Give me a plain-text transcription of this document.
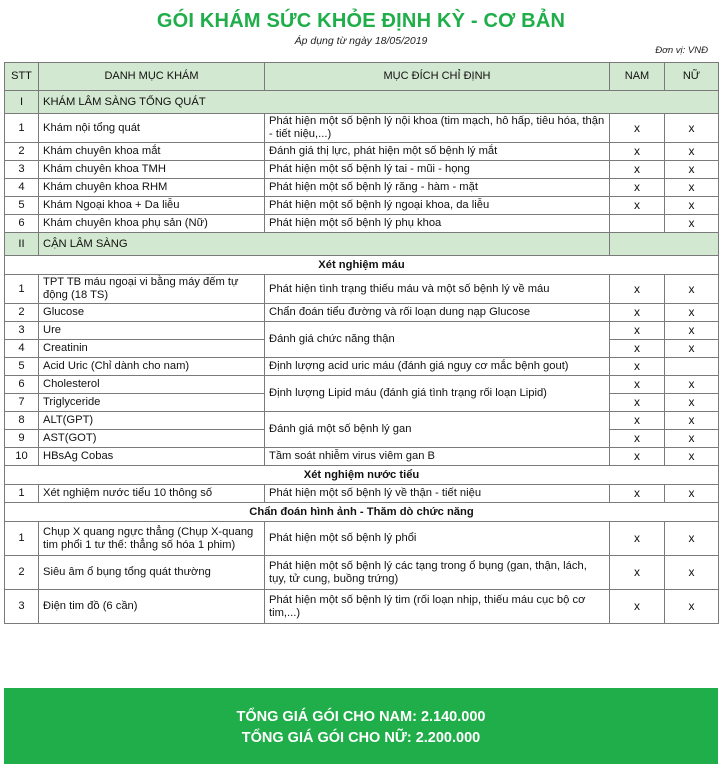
GÓI KHÁM SỨC KHỎE ĐỊNH KỲ - CƠ BẢN
Áp dụng từ ngày 18/05/2019
Đơn vị: VNĐ
STT	DANH MỤC KHÁM	MỤC ĐÍCH CHỈ ĐỊNH	NAM	NỮ
I	KHÁM LÂM SÀNG TỔNG QUÁT			
1	Khám nội tổng quát	Phát hiện một số bệnh lý nội khoa (tim mạch, hô hấp, tiêu hóa, thận - tiết niệu,...)	x	x
2	Khám chuyên khoa mắt	Đánh giá thị lực, phát hiện một số bệnh lý mắt	x	x
3	Khám chuyên khoa TMH	Phát hiện một số bệnh lý tai - mũi - họng	x	x
4	Khám chuyên khoa RHM	Phát hiện một số bệnh lý răng - hàm - mặt	x	x
5	Khám Ngoại khoa + Da liễu	Phát hiện một số bệnh lý ngoại khoa, da liễu	x	x
6	Khám chuyên khoa phụ sản (Nữ)	Phát hiện một số bệnh lý phụ khoa		x
II	CẬN LÂM SÀNG			
Xét nghiệm máu				
1	TPT TB máu ngoại vi bằng máy đếm tự động (18 TS)	Phát hiện tình trạng thiếu máu và một số bệnh lý về máu	x	x
2	Glucose	Chẩn đoán tiểu đường và rối loạn dung nạp Glucose	x	x
3	Ure	Đánh giá chức năng thận	x	x
4	Creatinin		x	x
5	Acid Uric (Chỉ dành cho nam)	Định lượng acid uric máu (đánh giá nguy cơ mắc bệnh gout)	x	
6	Cholesterol	Định lượng Lipid máu (đánh giá tình trạng rối loạn Lipid)	x	x
7	Triglyceride		x	x
8	ALT(GPT)	Đánh giá một số bệnh lý gan	x	x
9	AST(GOT)		x	x
10	HBsAg Cobas	Tầm soát nhiễm virus viêm gan B	x	x
Xét nghiệm nước tiểu				
1	Xét nghiệm nước tiểu 10 thông số	Phát hiện một số bệnh lý về thận - tiết niệu	x	x
Chẩn đoán hình ảnh - Thăm dò chức năng				
1	Chụp X quang ngực thẳng (Chụp X-quang tim phổi 1 tư thế: thẳng số hóa 1 phim)	Phát hiện một số bệnh lý phổi	x	x
2	Siêu âm ổ bụng tổng quát thường	Phát hiện một số bệnh lý các tạng trong ổ bụng (gan, thận, lách, tụy, tử cung, buồng trứng)	x	x
3	Điện tim đồ (6 cần)	Phát hiện một số bệnh lý tim (rối loạn nhịp, thiếu máu cục bộ cơ tim,...)	x	x
TỔNG GIÁ GÓI CHO NAM: 2.140.000
TỔNG GIÁ GÓI CHO NỮ: 2.200.000
